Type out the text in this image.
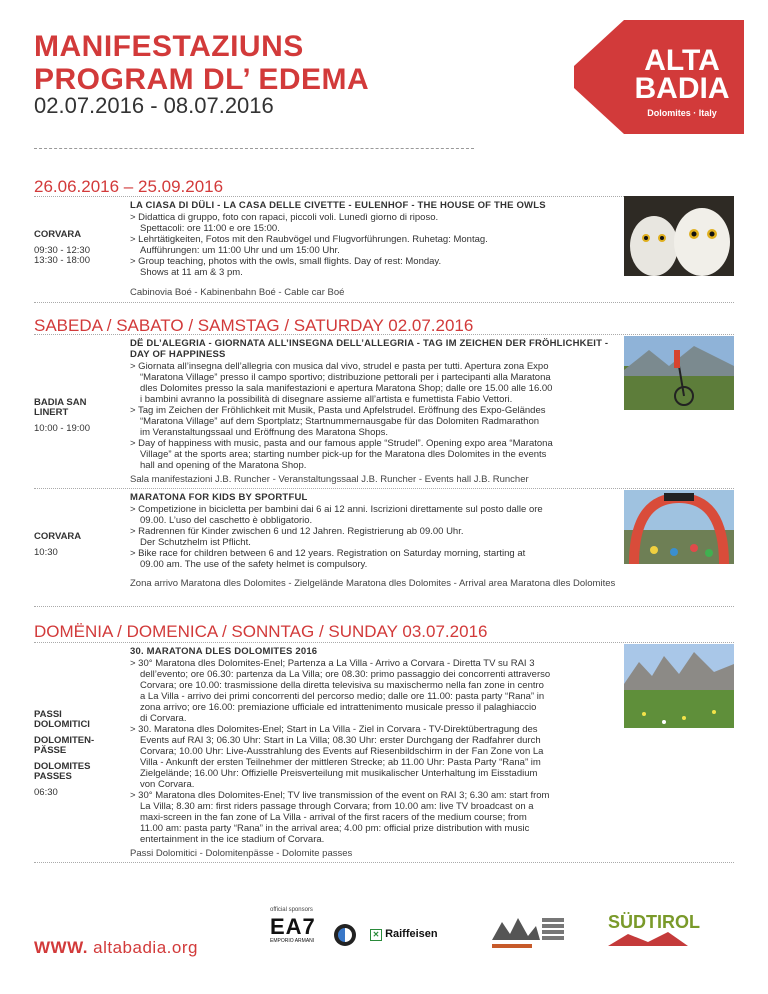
MANIFESTAZIUNS
PROGRAM DL’ EDEMA
02.07.2016 - 08.07.2016
ALTA
BADIA
Dolomites · Italy
26.06.2016 – 25.09.2016
CORVARA
09:30 - 12:30
13:30 - 18:00
LA CIASA DI DÜLI - LA CASA DELLE CIVETTE - EULENHOF - THE HOUSE OF THE OWLS
> Didattica di gruppo, foto con rapaci, piccoli voli. Lunedì giorno di riposo.
Spettacoli: ore 11:00 e ore 15:00.
> Lehrtätigkeiten, Fotos mit den Raubvögel und Flugvorführungen. Ruhetag: Montag.
Aufführungen: um 11:00 Uhr und um 15:00 Uhr.
> Group teaching, photos with the owls, small flights. Day of rest: Monday.
Shows at 11 am & 3 pm.
Cabinovia Boé - Kabinenbahn Boé - Cable car Boé
SABEDA / SABATO / SAMSTAG / SATURDAY 02.07.2016
BADIA SAN LINERT
10:00 - 19:00
DË DL’ALEGRIA - GIORNATA ALL’INSEGNA DELL’ALLEGRIA - TAG IM ZEICHEN DER FRÖHLICHKEIT - DAY OF HAPPINESS
> Giornata all’insegna dell’allegria con musica dal vivo, strudel e pasta per tutti. Apertura zona Expo
“Maratona Village” presso il campo sportivo; distribuzione pettorali per i partecipanti alla Maratona
dles Dolomites presso la sala manifestazioni e apertura Maratona Shop; dalle ore 15.00 alle 16.00
i bambini avranno la possibilità di disegnare assieme all’artista e fumettista Fabio Vettori.
> Tag im Zeichen der Fröhlichkeit mit Musik, Pasta und Apfelstrudel. Eröffnung des Expo-Geländes
“Maratona Village” auf dem Sportplatz; Startnummernausgabe für das Dolomiten Radmarathon
im Veranstaltungssaal und Eröffnung des Maratona Shops.
> Day of happiness with music, pasta and our famous apple “Strudel”. Opening expo area “Maratona
Village” at the sports area; starting number pick-up for the Maratona dles Dolomites in the events
hall and opening of the Maratona Shop.
Sala manifestazioni J.B. Runcher - Veranstaltungssaal J.B. Runcher - Events hall J.B. Runcher
CORVARA
10:30
MARATONA FOR KIDS BY SPORTFUL
> Competizione in bicicletta per bambini dai 6 ai 12 anni. Iscrizioni direttamente sul posto dalle ore
09.00. L’uso del caschetto è obbligatorio.
> Radrennen für Kinder zwischen 6 und 12 Jahren. Registrierung ab 09.00 Uhr.
Der Schutzhelm ist Pflicht.
> Bike race for children between 6 and 12 years. Registration on Saturday morning, starting at
09.00 am. The use of the safety helmet is compulsory.
Zona arrivo Maratona dles Dolomites - Zielgelände Maratona dles Dolomites - Arrival area Maratona dles Dolomites
DOMËNIA / DOMENICA / SONNTAG / SUNDAY 03.07.2016
PASSI DOLOMITICI
DOLOMITEN-PÄSSE
DOLOMITES PASSES
06:30
30. MARATONA DLES DOLOMITES 2016
> 30° Maratona dles Dolomites-Enel; Partenza a La Villa - Arrivo a Corvara - Diretta TV su RAI 3
dell’evento; ore 06.30: partenza da La Villa; ore 08.30: primo passaggio dei concorrenti attraverso
Corvara; ore 10.00: trasmissione della diretta televisiva su maxischermo nella fan zone in centro
a La Villa - arrivo dei primi concorrenti del percorso medio; dalle ore 11.00: pasta party “Rana” in
zona arrivo; ore 16.00: premiazione ufficiale ed intrattenimento musicale presso il palaghiaccio
di Corvara.
> 30. Maratona dles Dolomites-Enel; Start in La Villa - Ziel in Corvara - TV-Direktübertragung des
Events auf RAI 3; 06.30 Uhr: Start in La Villa; 08.30 Uhr: erster Durchgang der Radfahrer durch
Corvara; 10.00 Uhr: Live-Ausstrahlung des Events auf Riesenbildschirm in der Fan Zone von La
Villa - Ankunft der ersten Teilnehmer der mittleren Strecke; ab 11.00 Uhr: Pasta Party “Rana” im
Zielgelände; 16.00 Uhr: Offizielle Preisverteilung mit musikalischer Unterhaltung im Eisstadium
von Corvara.
> 30° Maratona dles Dolomites-Enel; TV live transmission of the event on RAI 3; 6.30 am: start from
La Villa; 8.30 am: first riders passage through Corvara; from 10.00 am: live TV broadcast on a
maxi-screen in the fan zone of La Villa - arrival of the first racers of the medium course; from
11.00 am: pasta party “Rana” in the arrival area; 4.00 pm: official prize distribution with music
entertainment in the ice stadium of Corvara.
Passi Dolomitici - Dolomitenpässe - Dolomite passes
WWW. altabadia.org
official sponsors
EA7
EMPORIO ARMANI
✕ Raiffeisen
SÜDTIROL
